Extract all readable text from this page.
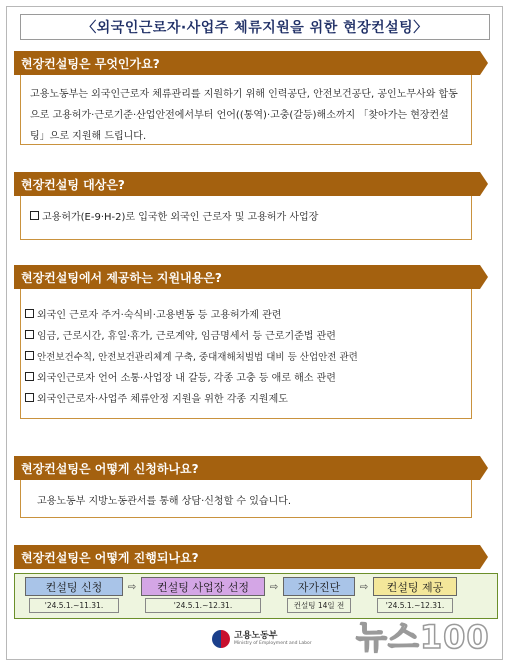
〈외국인근로자·사업주 체류지원을 위한 현장컨설팅〉
현장컨설팅은 무엇인가요?
고용노동부는 외국인근로자 체류관리를 지원하기 위해 인력공단, 안전보건공단, 공인노무사와 합동으로 고용허가·근로기준·산업안전에서부터 언어((통역)·고충(갈등)해소까지 「찾아가는 현장컨설팅」으로 지원해 드립니다.
현장컨설팅 대상은?
고용허가(E-9·H-2)로 입국한 외국인 근로자 및 고용허가 사업장
현장컨설팅에서 제공하는 지원내용은?
외국인 근로자 주거·숙식비·고용변동 등 고용허가제 관련
임금, 근로시간, 휴일·휴가, 근로계약, 임금명세서 등 근로기준법 관련
안전보건수칙, 안전보건관리체계 구축, 중대재해처벌법 대비 등 산업안전 관련
외국인근로자 언어 소통·사업장 내 갈등, 각종 고충 등 애로 해소 관련
외국인근로자·사업주 체류안정 지원을 위한 각종 지원제도
현장컨설팅은 어떻게 신청하나요?
고용노동부 지방노동관서를 통해 상담·신청할 수 있습니다.
현장컨설팅은 어떻게 진행되나요?
컨설팅 신청
'24.5.1.~11.31.
⇨	컨설팅 사업장 선정
'24.5.1.~12.31.
⇨	자가진단
컨설팅 14일 전
⇨	컨설팅 제공
'24.5.1.~12.31.
고용노동부
Ministry of Employment and Labor 뉴스100
